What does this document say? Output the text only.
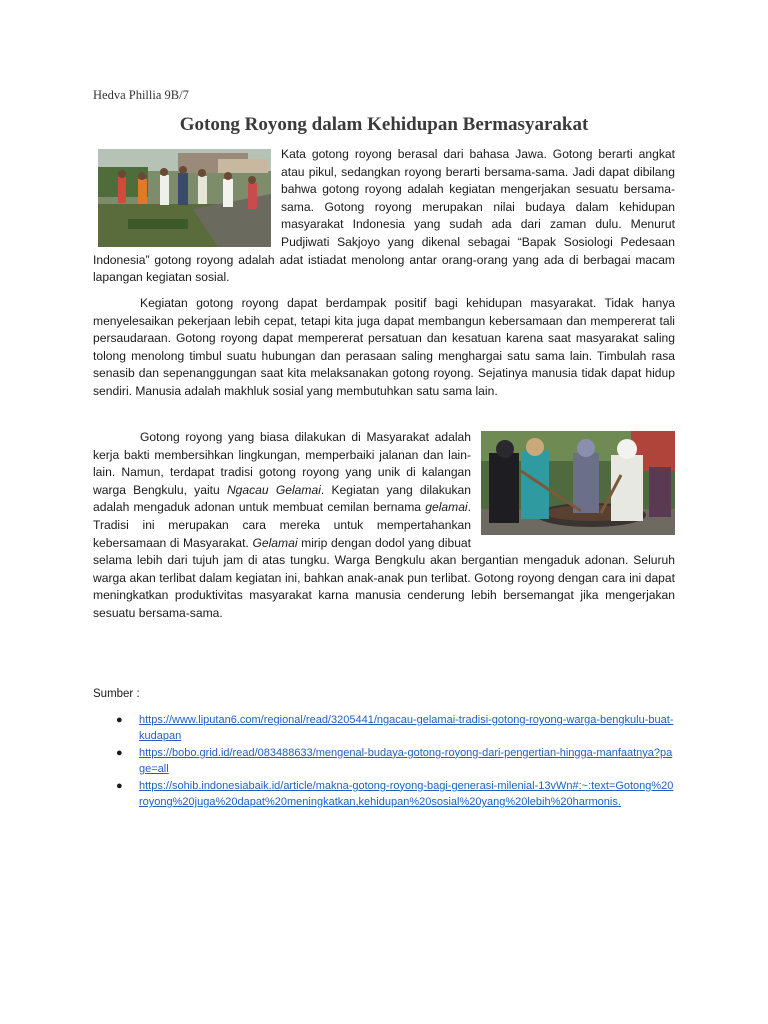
Hedva Phillia 9B/7
Gotong Royong dalam Kehidupan Bermasyarakat
Kata gotong royong berasal dari bahasa Jawa. Gotong berarti angkat atau pikul, sedangkan royong berarti bersama-sama. Jadi dapat dibilang bahwa gotong royong adalah kegiatan mengerjakan sesuatu bersama-sama. Gotong royong merupakan nilai budaya dalam kehidupan masyarakat Indonesia yang sudah ada dari zaman dulu. Menurut Pudjiwati Sakjoyo yang dikenal sebagai “Bapak Sosiologi Pedesaan Indonesia” gotong royong adalah adat istiadat menolong antar orang-orang yang ada di berbagai macam lapangan kegiatan sosial.

Kegiatan gotong royong dapat berdampak positif bagi kehidupan masyarakat. Tidak hanya menyelesaikan pekerjaan lebih cepat, tetapi kita juga dapat membangun kebersamaan dan mempererat tali persaudaraan. Gotong royong dapat mempererat persatuan dan kesatuan karena saat masyarakat saling tolong menolong timbul suatu hubungan dan perasaan saling menghargai satu sama lain. Timbulah rasa senasib dan sepenanggungan saat kita melaksanakan gotong royong. Sejatinya manusia tidak dapat hidup sendiri. Manusia adalah makhluk sosial yang membutuhkan satu sama lain.

Gotong royong yang biasa dilakukan di Masyarakat adalah kerja bakti membersihkan lingkungan, memperbaiki jalanan dan lain-lain. Namun, terdapat tradisi gotong royong yang unik di kalangan warga Bengkulu, yaitu Ngacau Gelamai. Kegiatan yang dilakukan adalah mengaduk adonan untuk membuat cemilan bernama gelamai. Tradisi ini merupakan cara mereka untuk mempertahankan kebersamaan di Masyarakat. Gelamai mirip dengan dodol yang dibuat selama lebih dari tujuh jam di atas tungku. Warga Bengkulu akan bergantian mengaduk adonan. Seluruh warga akan terlibat dalam kegiatan ini, bahkan anak-anak pun terlibat. Gotong royong dengan cara ini dapat meningkatkan produktivitas masyarakat karna manusia cenderung lebih bersemangat jika mengerjakan sesuatu bersama-sama.
Sumber :
● https://www.liputan6.com/regional/read/3205441/ngacau-gelamai-tradisi-gotong-royong-warga-bengkulu-buat-kudapan
● https://bobo.grid.id/read/083488633/mengenal-budaya-gotong-royong-dari-pengertian-hingga-manfaatnya?page=all
● https://sohib.indonesiabaik.id/article/makna-gotong-royong-bagi-generasi-milenial-13vWn#:~:text=Gotong%20royong%20juga%20dapat%20meningkatkan,kehidupan%20sosial%20yang%20lebih%20harmonis.
